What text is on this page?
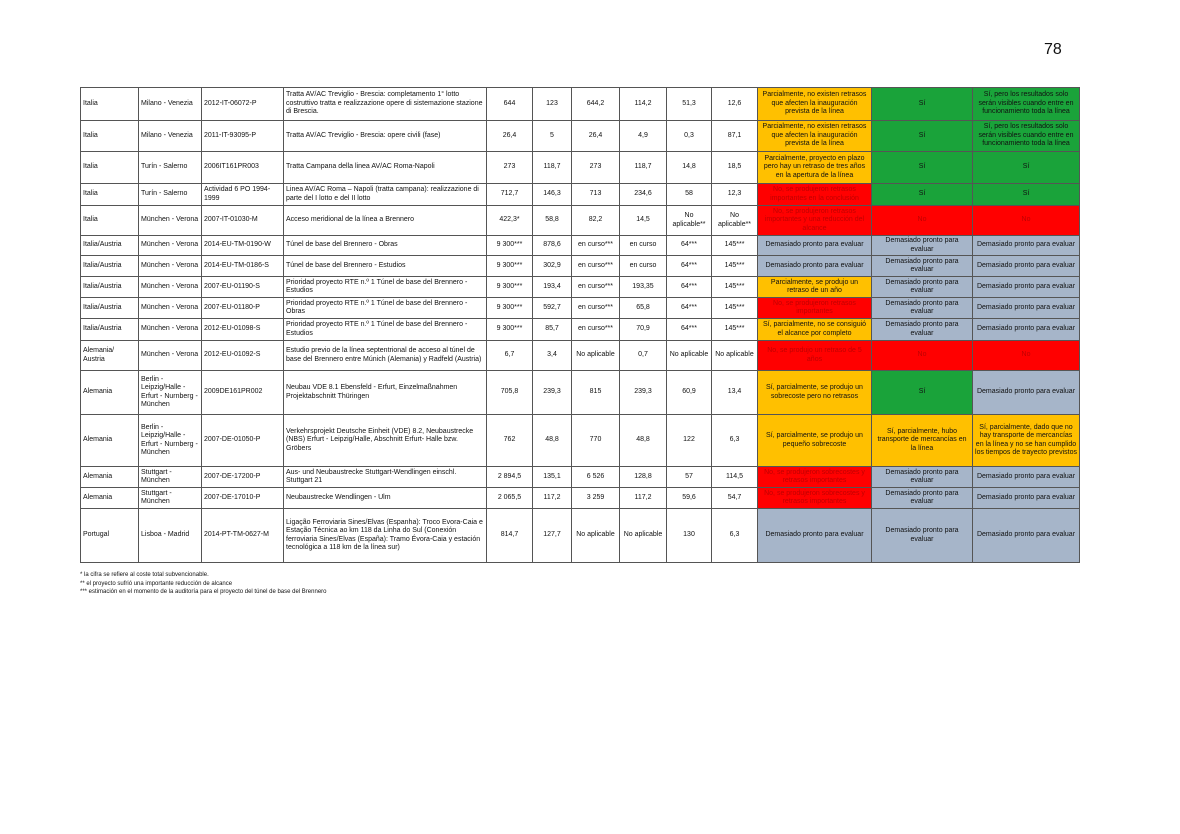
78
Italia	Milano - Venezia	2012-IT-06072-P	Tratta AV/AC Treviglio - Brescia: completamento 1° lotto costruttivo tratta e realizzazione opere di sistemazione stazione di Brescia.	644	123	644,2	114,2	51,3	12,6	Parcialmente, no existen retrasos que afecten la inauguración prevista de la línea	Sí	Sí, pero los resultados solo serán visibles cuando entre en funcionamiento toda la línea
Italia	Milano - Venezia	2011-IT-93095-P	Tratta AV/AC Treviglio - Brescia: opere civili (fase)	26,4	5	26,4	4,9	0,3	87,1	Parcialmente, no existen retrasos que afecten la inauguración prevista de la línea	Sí	Sí, pero los resultados solo serán visibles cuando entre en funcionamiento toda la línea
Italia	Turín - Salerno	2006IT161PR003	Tratta Campana della linea AV/AC Roma-Napoli	273	118,7	273	118,7	14,8	18,5	Parcialmente, proyecto en plazo pero hay un retraso de tres años en la apertura de la línea	Sí	Sí
Italia	Turín - Salerno	Actividad 6 PO 1994-1999	Linea AV/AC Roma – Napoli (tratta campana): realizzazione di parte del I lotto e del II lotto	712,7	146,3	713	234,6	58	12,3	No, se produjeron retrasos importantes en la conclusión	Sí	Sí
Italia	München - Verona	2007-IT-01030-M	Acceso meridional de la línea a Brennero	422,3*	58,8	82,2	14,5	No aplicable**	No aplicable**	No, se produjeron retrasos importantes y una reducción del alcance	No	No
Italia/Austria	München - Verona	2014-EU-TM-0190-W	Túnel de base del Brennero - Obras	9 300***	878,6	en curso***	en curso	64***	145***	Demasiado pronto para evaluar	Demasiado pronto para evaluar	Demasiado pronto para evaluar
Italia/Austria	München - Verona	2014-EU-TM-0186-S	Túnel de base del Brennero - Estudios	9 300***	302,9	en curso***	en curso	64***	145***	Demasiado pronto para evaluar	Demasiado pronto para evaluar	Demasiado pronto para evaluar
Italia/Austria	München - Verona	2007-EU-01190-S	Prioridad proyecto RTE n.º 1 Túnel de base del Brennero - Estudios	9 300***	193,4	en curso***	193,35	64***	145***	Parcialmente, se produjo un retraso de un año	Demasiado pronto para evaluar	Demasiado pronto para evaluar
Italia/Austria	München - Verona	2007-EU-01180-P	Prioridad proyecto RTE n.º 1 Túnel de base del Brennero - Obras	9 300***	592,7	en curso***	65,8	64***	145***	No, se produjeron retrasos importantes	Demasiado pronto para evaluar	Demasiado pronto para evaluar
Italia/Austria	München - Verona	2012-EU-01098-S	Prioridad proyecto RTE n.º 1 Túnel de base del Brennero - Estudios	9 300***	85,7	en curso***	70,9	64***	145***	Sí, parcialmente, no se consiguió el alcance por completo	Demasiado pronto para evaluar	Demasiado pronto para evaluar
Alemania/ Austria	München - Verona	2012-EU-01092-S	Estudio previo de la línea septentrional de acceso al túnel de base del Brennero entre Múnich (Alemania) y Radfeld (Austria)	6,7	3,4	No aplicable	0,7	No aplicable	No aplicable	No, se produjo un retraso de 5 años	No	No
Alemania	Berlin - Leipzig/Halle - Erfurt - Nurnberg - München	2009DE161PR002	Neubau VDE 8.1 Ebensfeld - Erfurt, Einzelmaßnahmen Projektabschnitt Thüringen	705,8	239,3	815	239,3	60,9	13,4	Sí, parcialmente, se produjo un sobrecoste pero no retrasos	Sí	Demasiado pronto para evaluar
Alemania	Berlin - Leipzig/Halle - Erfurt - Nurnberg - München	2007-DE-01050-P	Verkehrsprojekt Deutsche Einheit (VDE) 8.2, Neubaustrecke (NBS) Erfurt - Leipzig/Halle, Abschnitt Erfurt- Halle bzw. Gröbers	762	48,8	770	48,8	122	6,3	Sí, parcialmente, se produjo un pequeño sobrecoste	Sí, parcialmente, hubo transporte de mercancías en la línea	Sí, parcialmente, dado que no hay transporte de mercancías en la línea y no se han cumplido los tiempos de trayecto previstos
Alemania	Stuttgart - München	2007-DE-17200-P	Aus- und Neubaustrecke Stuttgart-Wendlingen einschl. Stuttgart 21	2 894,5	135,1	6 526	128,8	57	114,5	No, se produjeron sobrecostes y retrasos importantes	Demasiado pronto para evaluar	Demasiado pronto para evaluar
Alemania	Stuttgart - München	2007-DE-17010-P	Neubaustrecke Wendlingen - Ulm	2 065,5	117,2	3 259	117,2	59,6	54,7	No, se produjeron sobrecostes y retrasos importantes	Demasiado pronto para evaluar	Demasiado pronto para evaluar
Portugal	Lisboa - Madrid	2014-PT-TM-0627-M	Ligação Ferroviaria Sines/Elvas (Espanha): Troco Evora-Caia e Estação Técnica ao km 118 da Linha do Sul (Conexión ferroviaria Sines/Elvas (España): Tramo Évora-Caia y estación tecnológica a 118 km de la línea sur)	814,7	127,7	No aplicable	No aplicable	130	6,3	Demasiado pronto para evaluar	Demasiado pronto para evaluar	Demasiado pronto para evaluar
* la cifra se refiere al coste total subvencionable.
** el proyecto sufrió una importante reducción de alcance
*** estimación en el momento de la auditoría para el proyecto del túnel de base del Brennero
